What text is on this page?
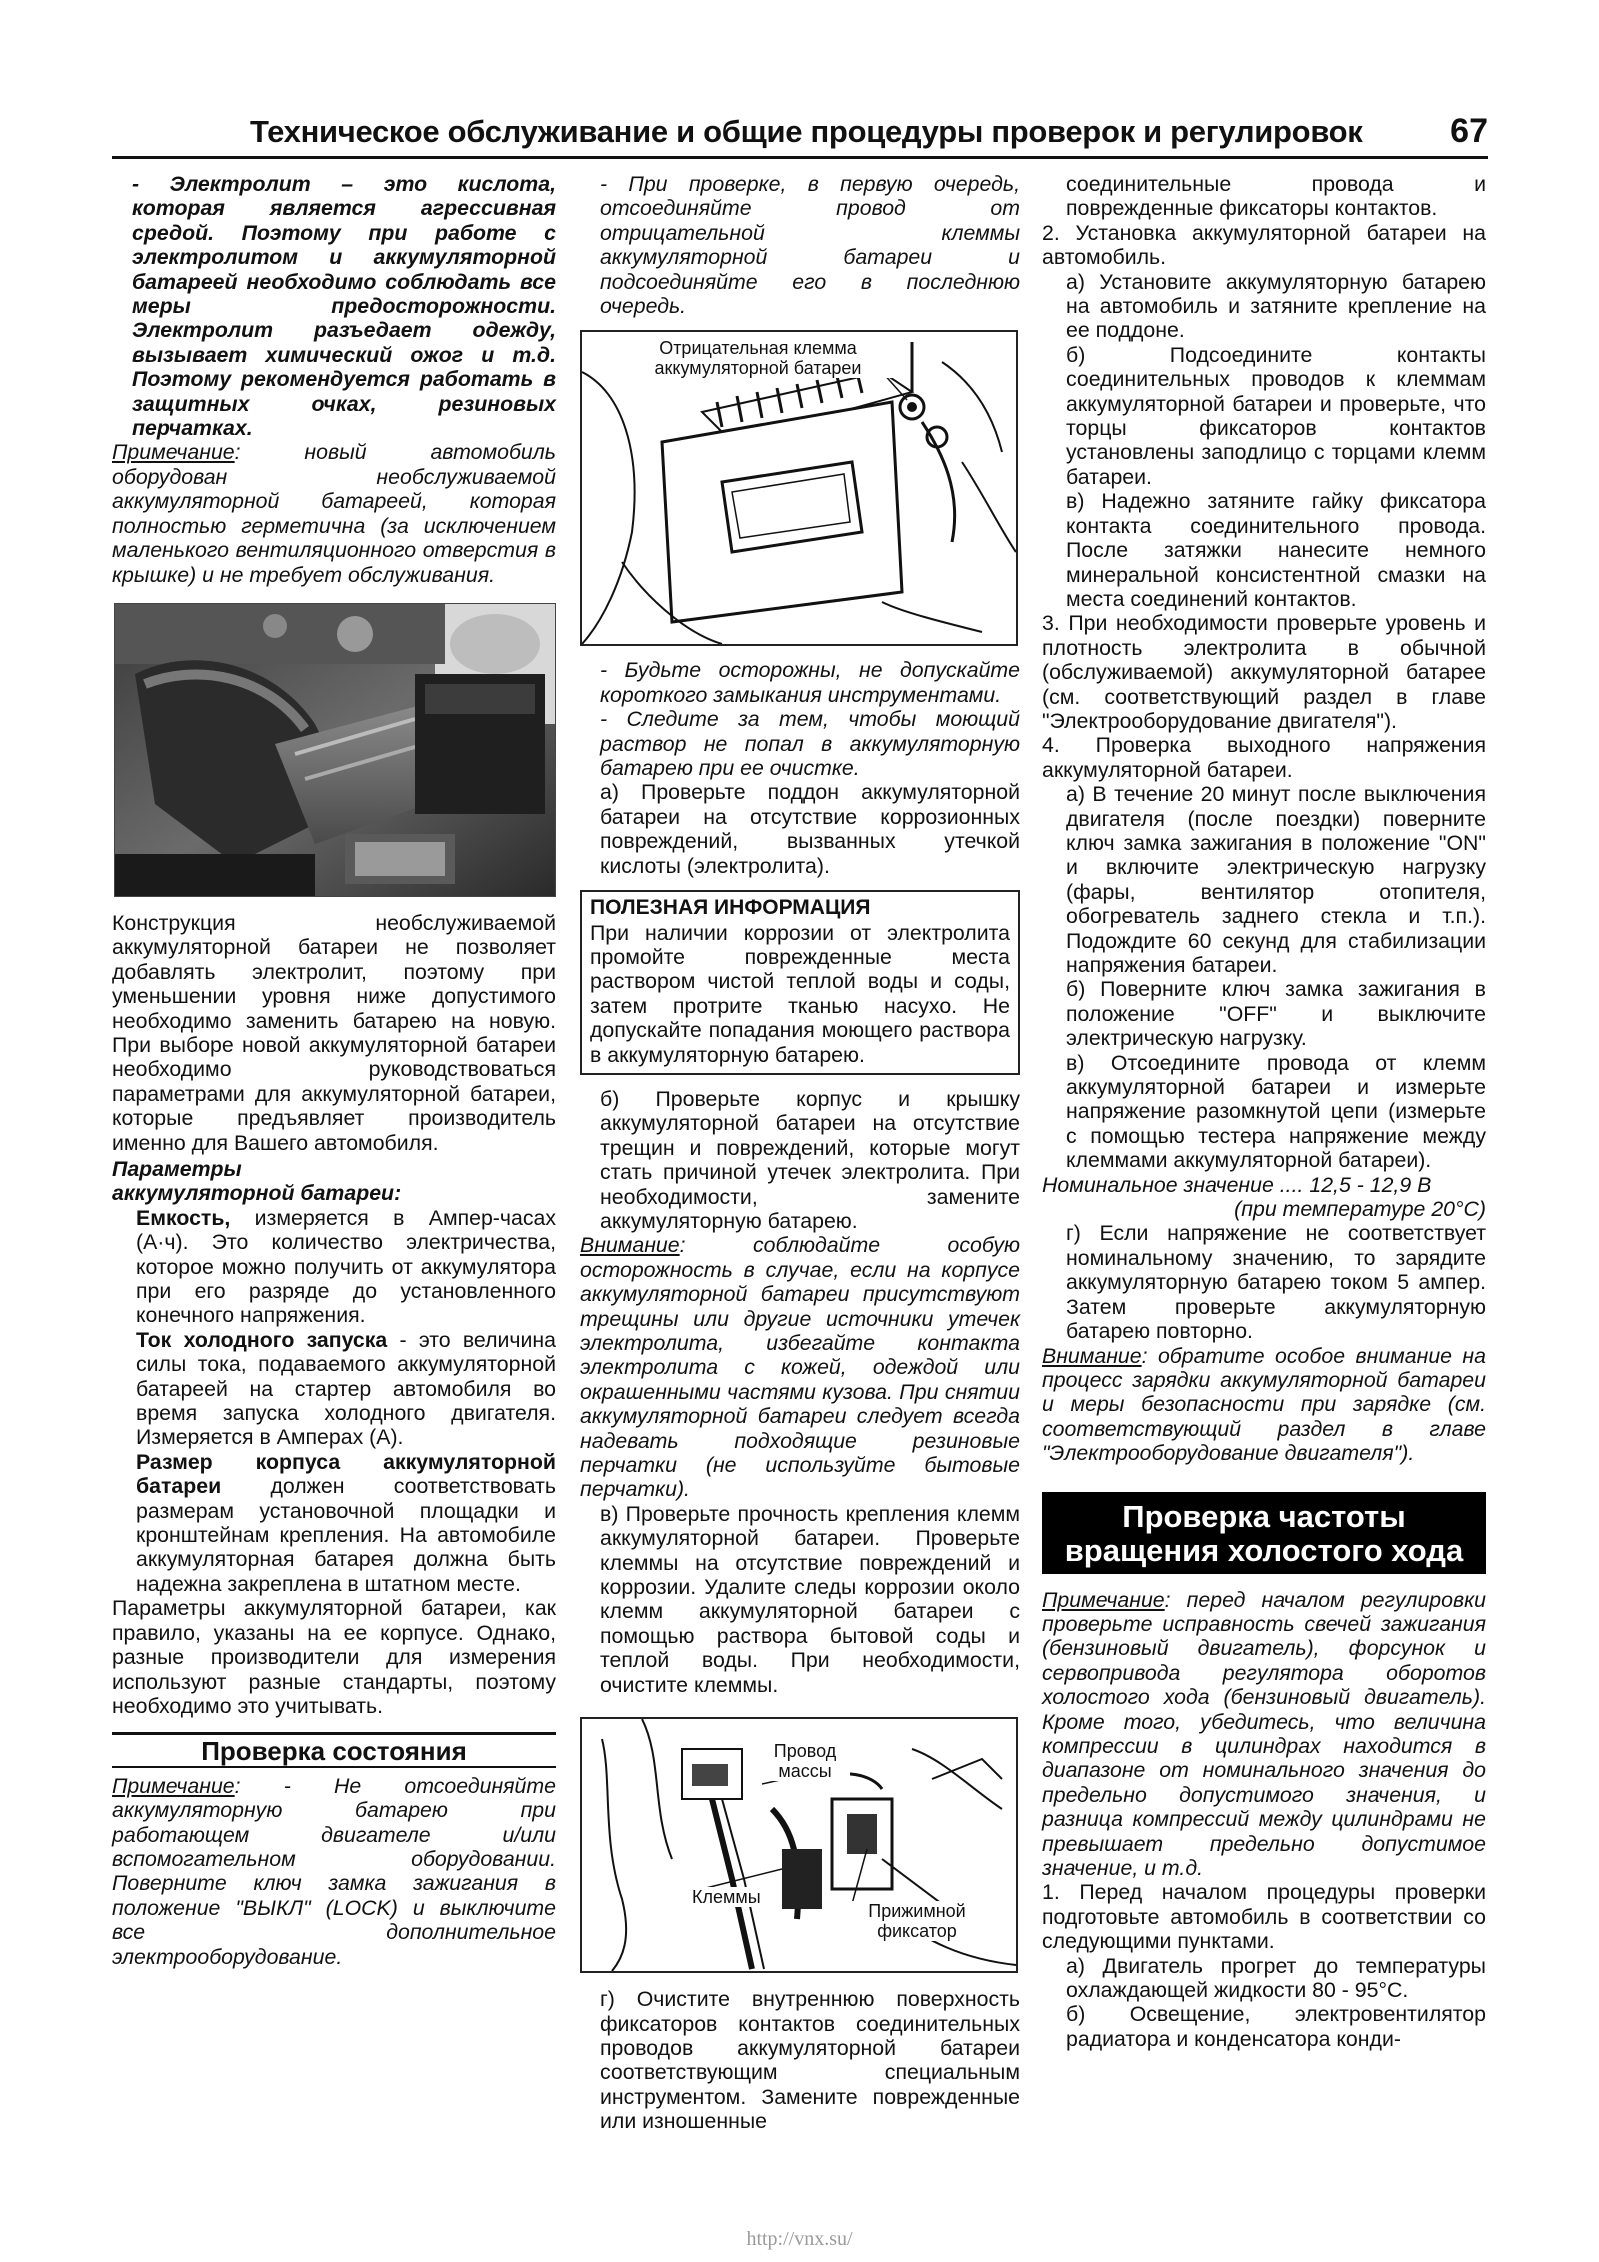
Техническое обслуживание и общие процедуры проверок и регулировок	67

- Электролит – это кислота, которая является агрессивная средой. Поэтому при работе с электролитом и аккумуляторной батареей необходимо соблюдать все меры предосторожности. Электролит разъедает одежду, вызывает химический ожог и т.д. Поэтому рекомендуется работать в защитных очках, резиновых перчатках.

Примечание: новый автомобиль оборудован необслуживаемой аккумуляторной батареей, которая полностью герметична (за исключением маленького вентиляционного отверстия в крышке) и не требует обслуживания.

Конструкция необслуживаемой аккумуляторной батареи не позволяет добавлять электролит, поэтому при уменьшении уровня ниже допустимого необходимо заменить батарею на новую. При выборе новой аккумуляторной батареи необходимо руководствоваться параметрами для аккумуляторной батареи, которые предъявляет производитель именно для Вашего автомобиля.

Параметры
аккумуляторной батареи:

Емкость, измеряется в Ампер-часах (А·ч). Это количество электричества, которое можно получить от аккумулятора при его разряде до установленного конечного напряжения.

Ток холодного запуска - это величина силы тока, подаваемого аккумуляторной батареей на стартер автомобиля во время запуска холодного двигателя. Измеряется в Амперах (А).

Размер корпуса аккумуляторной батареи должен соответствовать размерам установочной площадки и кронштейнам крепления. На автомобиле аккумуляторная батарея должна быть надежна закреплена в штатном месте.

Параметры аккумуляторной батареи, как правило, указаны на ее корпусе. Однако, разные производители для измерения используют разные стандарты, поэтому необходимо это учитывать.

Проверка состояния

Примечание: - Не отсоединяйте аккумуляторную батарею при работающем двигателе и/или вспомогательном оборудовании. Поверните ключ замка зажигания в положение "ВЫКЛ" (LOCK) и выключите все дополнительное электрооборудование.

- При проверке, в первую очередь, отсоединяйте провод от отрицательной клеммы аккумуляторной батареи и подсоединяйте его в последнюю очередь.

Отрицательная клемма аккумуляторной батареи

- Будьте осторожны, не допускайте короткого замыкания инструментами.

- Следите за тем, чтобы моющий раствор не попал в аккумуляторную батарею при ее очистке.

а) Проверьте поддон аккумуляторной батареи на отсутствие коррозионных повреждений, вызванных утечкой кислоты (электролита).

ПОЛЕЗНАЯ ИНФОРМАЦИЯ

При наличии коррозии от электролита промойте поврежденные места раствором чистой теплой воды и соды, затем протрите тканью насухо. Не допускайте попадания моющего раствора в аккумуляторную батарею.

б) Проверьте корпус и крышку аккумуляторной батареи на отсутствие трещин и повреждений, которые могут стать причиной утечек электролита. При необходимости, замените аккумуляторную батарею.

Внимание: соблюдайте особую осторожность в случае, если на корпусе аккумуляторной батареи присутствуют трещины или другие источники утечек электролита, избегайте контакта электролита с кожей, одеждой или окрашенными частями кузова. При снятии аккумуляторной батареи следует всегда надевать подходящие резиновые перчатки (не используйте бытовые перчатки).

в) Проверьте прочность крепления клемм аккумуляторной батареи. Проверьте клеммы на отсутствие повреждений и коррозии. Удалите следы коррозии около клемм аккумуляторной батареи с помощью раствора бытовой соды и теплой воды. При необходимости, очистите клеммы.

Провод массы
Клеммы
Прижимной фиксатор

г) Очистите внутреннюю поверхность фиксаторов контактов соединительных проводов аккумуляторной батареи соответствующим специальным инструментом. Замените поврежденные или изношенные

соединительные провода и поврежденные фиксаторы контактов.

2. Установка аккумуляторной батареи на автомобиль.

а) Установите аккумуляторную батарею на автомобиль и затяните крепление на ее поддоне.

б) Подсоедините контакты соединительных проводов к клеммам аккумуляторной батареи и проверьте, что торцы фиксаторов контактов установлены заподлицо с торцами клемм батареи.

в) Надежно затяните гайку фиксатора контакта соединительного провода. После затяжки нанесите немного минеральной консистентной смазки на места соединений контактов.

3. При необходимости проверьте уровень и плотность электролита в обычной (обслуживаемой) аккумуляторной батарее (см. соответствующий раздел в главе "Электрооборудование двигателя").

4. Проверка выходного напряжения аккумуляторной батареи.

а) В течение 20 минут после выключения двигателя (после поездки) поверните ключ замка зажигания в положение "ON" и включите электрическую нагрузку (фары, вентилятор отопителя, обогреватель заднего стекла и т.п.). Подождите 60 секунд для стабилизации напряжения батареи.

б) Поверните ключ замка зажигания в положение "OFF" и выключите электрическую нагрузку.

в) Отсоедините провода от клемм аккумуляторной батареи и измерьте напряжение разомкнутой цепи (измерьте с помощью тестера напряжение между клеммами аккумуляторной батареи).

Номинальное значение .... 12,5 - 12,9 В

(при температуре 20°С)

г) Если напряжение не соответствует номинальному значению, то зарядите аккумуляторную батарею током 5 ампер. Затем проверьте аккумуляторную батарею повторно.

Внимание: обратите особое внимание на процесс зарядки аккумуляторной батареи и меры безопасности при зарядке (см. соответствующий раздел в главе "Электрооборудование двигателя").

Проверка частоты вращения холостого хода

Примечание: перед началом регулировки проверьте исправность свечей зажигания (бензиновый двигатель), форсунок и сервопривода регулятора оборотов холостого хода (бензиновый двигатель). Кроме того, убедитесь, что величина компрессии в цилиндрах находится в диапазоне от номинального значения до предельно допустимого значения, и разница компрессий между цилиндрами не превышает предельно допустимое значение, и т.д.

1. Перед началом процедуры проверки подготовьте автомобиль в соответствии со следующими пунктами.

а) Двигатель прогрет до температуры охлаждающей жидкости 80 - 95°С.

б) Освещение, электровентилятор радиатора и конденсатора конди-

http://vnx.su/
